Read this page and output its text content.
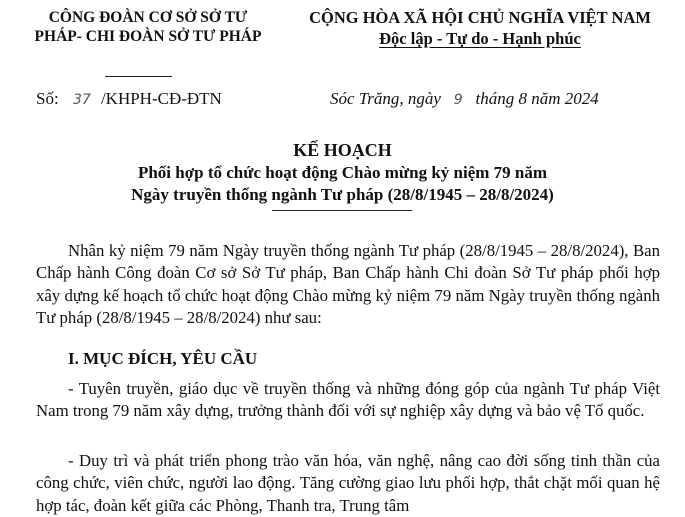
CÔNG ĐOÀN CƠ SỞ SỞ TƯ
PHÁP- CHI ĐOÀN SỞ TƯ PHÁP
CỘNG HÒA XÃ HỘI CHỦ NGHĨA VIỆT NAM
Độc lập - Tự do - Hạnh phúc
Số: 37 /KHPH-CĐ-ĐTN	Sóc Trăng, ngày 9 tháng 8 năm 2024
KẾ HOẠCH
Phối hợp tổ chức hoạt động Chào mừng kỷ niệm 79 năm
Ngày truyền thống ngành Tư pháp (28/8/1945 – 28/8/2024)
Nhân kỷ niệm 79 năm Ngày truyền thống ngành Tư pháp (28/8/1945 – 28/8/2024), Ban Chấp hành Công đoàn Cơ sở Sở Tư pháp, Ban Chấp hành Chi đoàn Sở Tư pháp phối hợp xây dựng kế hoạch tổ chức hoạt động Chào mừng kỷ niệm 79 năm Ngày truyền thống ngành Tư pháp (28/8/1945 – 28/8/2024) như sau:
I. MỤC ĐÍCH, YÊU CẦU
- Tuyên truyền, giáo dục về truyền thống và những đóng góp của ngành Tư pháp Việt Nam trong 79 năm xây dựng, trưởng thành đối với sự nghiệp xây dựng và bảo vệ Tổ quốc.
- Duy trì và phát triển phong trào văn hóa, văn nghệ, nâng cao đời sống tinh thần của công chức, viên chức, người lao động. Tăng cường giao lưu phối hợp, thắt chặt mối quan hệ hợp tác, đoàn kết giữa các Phòng, Thanh tra, Trung tâm
